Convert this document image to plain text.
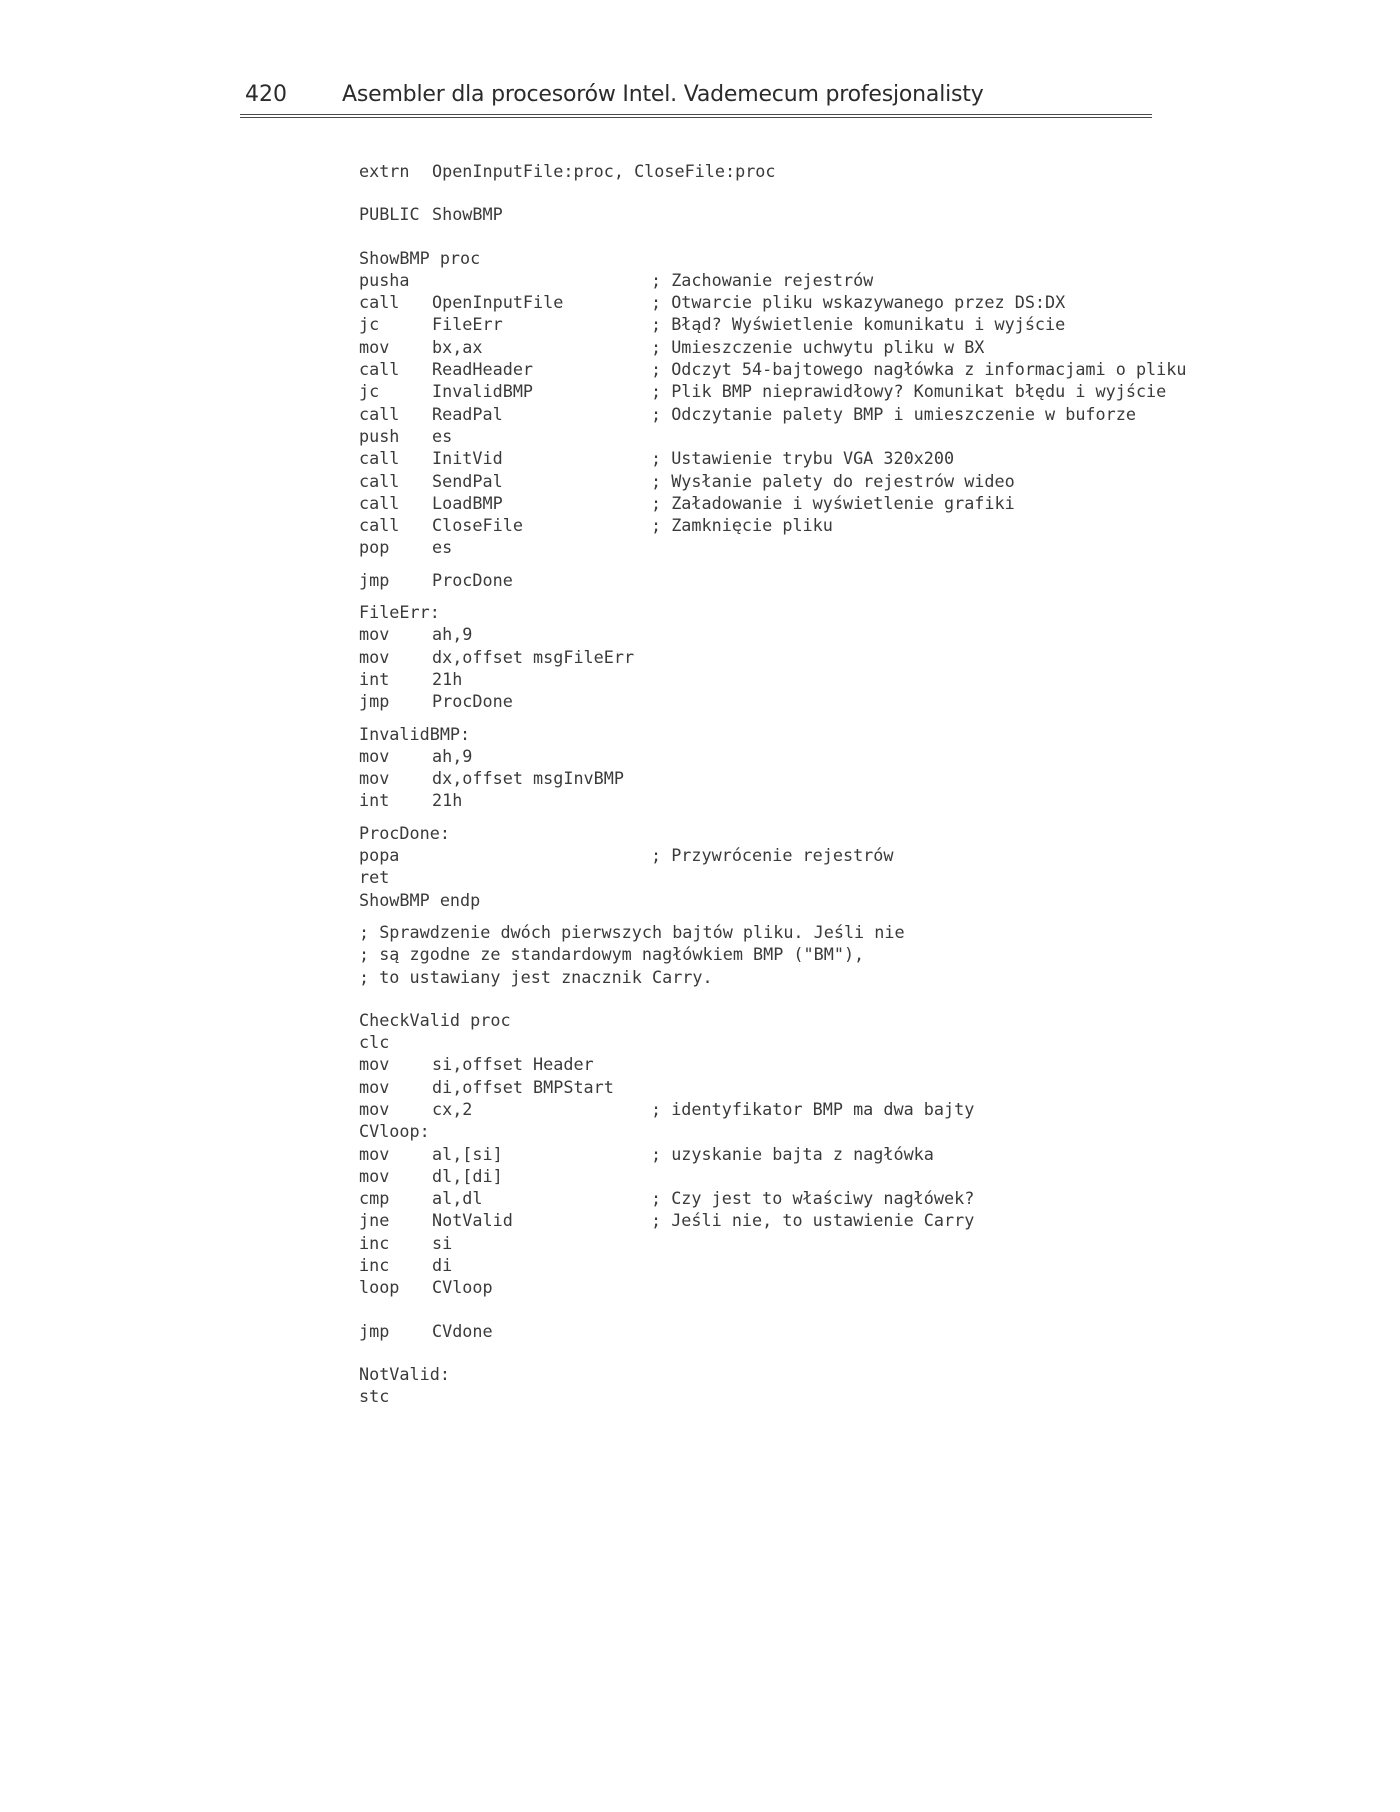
420	Asembler dla procesorów Intel. Vademecum profesjonalisty
extrn OpenInputFile:proc, CloseFile:proc
PUBLIC ShowBMP
ShowBMP proc
pusha	; Zachowanie rejestrów
call OpenInputFile	; Otwarcie pliku wskazywanego przez DS:DX
jc	FileErr	; Błąd? Wyświetlenie komunikatu i wyjście
mov	bx,ax	; Umieszczenie uchwytu pliku w BX
call ReadHeader	; Odczyt 54-bajtowego nagłówka z informacjami o pliku
jc	InvalidBMP	; Plik BMP nieprawidłowy? Komunikat błędu i wyjście
call ReadPal	; Odczytanie palety BMP i umieszczenie w buforze
push es
call InitVid	; Ustawienie trybu VGA 320x200
call SendPal	; Wysłanie palety do rejestrów wideo
call LoadBMP	; Załadowanie i wyświetlenie grafiki
call CloseFile	; Zamknięcie pliku
pop	es
jmp	ProcDone
FileErr:
mov	ah,9
mov	dx,offset msgFileErr
int	21h
jmp	ProcDone
InvalidBMP:
mov	ah,9
mov	dx,offset msgInvBMP
int	21h
ProcDone:
popa	; Przywrócenie rejestrów
ret
ShowBMP endp
; Sprawdzenie dwóch pierwszych bajtów pliku. Jeśli nie
; są zgodne ze standardowym nagłówkiem BMP ("BM"),
; to ustawiany jest znacznik Carry.
CheckValid proc
clc
mov	si,offset Header
mov	di,offset BMPStart
mov	cx,2	; identyfikator BMP ma dwa bajty
CVloop:
mov	al,[si]	; uzyskanie bajta z nagłówka
mov	dl,[di]
cmp	al,dl	; Czy jest to właściwy nagłówek?
jne	NotValid	; Jeśli nie, to ustawienie Carry
inc	si
inc	di
loop CVloop
jmp	CVdone
NotValid:
stc
